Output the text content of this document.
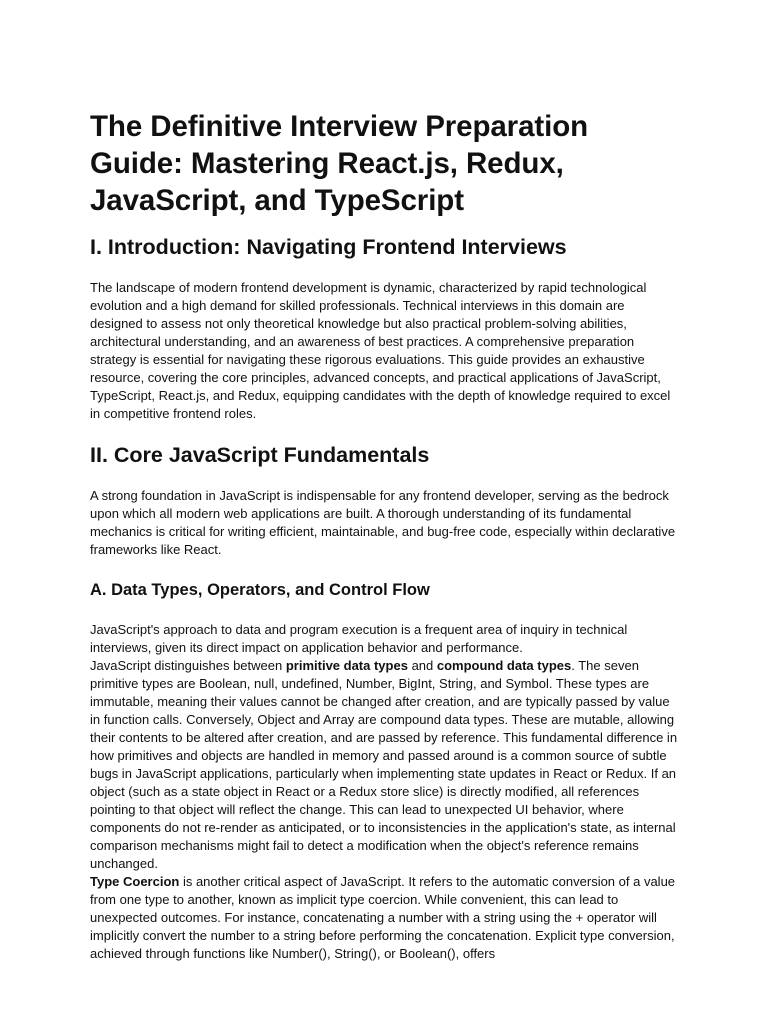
The Definitive Interview Preparation Guide: Mastering React.js, Redux, JavaScript, and TypeScript
I. Introduction: Navigating Frontend Interviews

The landscape of modern frontend development is dynamic, characterized by rapid technological evolution and a high demand for skilled professionals. Technical interviews in this domain are designed to assess not only theoretical knowledge but also practical problem-solving abilities, architectural understanding, and an awareness of best practices. A comprehensive preparation strategy is essential for navigating these rigorous evaluations. This guide provides an exhaustive resource, covering the core principles, advanced concepts, and practical applications of JavaScript, TypeScript, React.js, and Redux, equipping candidates with the depth of knowledge required to excel in competitive frontend roles.

II. Core JavaScript Fundamentals

A strong foundation in JavaScript is indispensable for any frontend developer, serving as the bedrock upon which all modern web applications are built. A thorough understanding of its fundamental mechanics is critical for writing efficient, maintainable, and bug-free code, especially within declarative frameworks like React.

A. Data Types, Operators, and Control Flow

JavaScript's approach to data and program execution is a frequent area of inquiry in technical interviews, given its direct impact on application behavior and performance.

JavaScript distinguishes between primitive data types and compound data types. The seven primitive types are Boolean, null, undefined, Number, BigInt, String, and Symbol. These types are immutable, meaning their values cannot be changed after creation, and are typically passed by value in function calls. Conversely, Object and Array are compound data types. These are mutable, allowing their contents to be altered after creation, and are passed by reference. This fundamental difference in how primitives and objects are handled in memory and passed around is a common source of subtle bugs in JavaScript applications, particularly when implementing state updates in React or Redux. If an object (such as a state object in React or a Redux store slice) is directly modified, all references pointing to that object will reflect the change. This can lead to unexpected UI behavior, where components do not re-render as anticipated, or to inconsistencies in the application's state, as internal comparison mechanisms might fail to detect a modification when the object's reference remains unchanged.

Type Coercion is another critical aspect of JavaScript. It refers to the automatic conversion of a value from one type to another, known as implicit type coercion. While convenient, this can lead to unexpected outcomes. For instance, concatenating a number with a string using the + operator will implicitly convert the number to a string before performing the concatenation. Explicit type conversion, achieved through functions like Number(), String(), or Boolean(), offers
